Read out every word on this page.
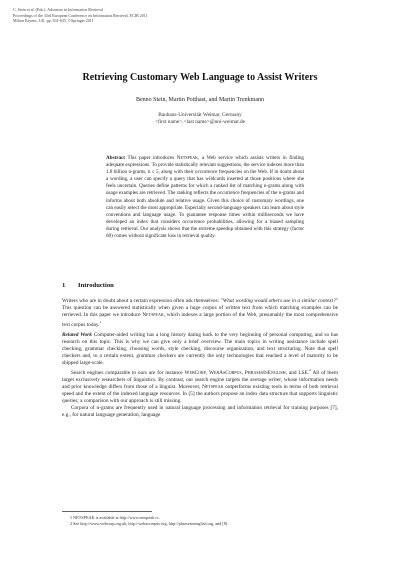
C. Stein et al. (Eds.): Advances in Information Retrieval
Proceedings of the 33rd European Conference on Information Retrieval, ECIR 2011
Milton Keynes, UK, pp. 631-635, ©Springer 2011
Retrieving Customary Web Language to Assist Writers
Benno Stein, Martin Potthast, and Martin Trenkmann
Bauhaus-Universität Weimar, Germany
<first name>.<last name>@uni-weimar.de
Abstract This paper introduces Netspeak, a Web service which assists writers in finding adequate expressions. To provide statistically relevant suggestions, the service indexes more than 1.8 billion n-grams, n ≤ 5, along with their occurrence frequencies on the Web. If in doubt about a wording, a user can specify a query that has wildcards inserted at those positions where she feels uncertain. Queries define patterns for which a ranked list of matching n-grams along with usage examples are retrieved. The ranking reflects the occurrence frequencies of the n-grams and informs about both absolute and relative usage. Given this choice of customary wordings, one can easily select the most appropriate. Especially second-language speakers can learn about style conventions and language usage. To guarantee response times within milliseconds we have developed an index that considers occurrence probabilities, allowing for a biased sampling during retrieval. Our analysis shows that the extreme speedup obtained with this strategy (factor 68) comes without significant loss in retrieval quality.
1 Introduction

Writers who are in doubt about a certain expression often ask themselves: "What wording would others use in a similar context?" This question can be answered statistically when given a huge corpus of written text from which matching examples can be retrieved. In this paper we introduce Netspeak, which indexes a large portion of the Web, presumably the most comprehensive text corpus today.$^1$

Related Work Computer-aided writing has a long history dating back to the very beginning of personal computing, and so has research on this topic. This is why we can give only a brief overview. The main topics in writing assistance include spell checking, grammar checking, choosing words, style checking, discourse organization, and text structuring. Note that spell checkers and, to a certain extent, grammar checkers are currently the only technologies that reached a level of maturity to be shipped large-scale.

Search engines comparable to ours are for instance WebCorp, WebAsCorpus, PhrasesInEnglish, and LSE.$^2$ All of them target exclusively researchers of linguistics. By contrast, our search engine targets the average writer, whose information needs and prior knowledge differs from those of a linguist. Moreover, Netspeak outperforms existing tools in terms of both retrieval speed and the extent of the indexed language resources. In [5] the authors propose an index data structure that supports linguistic queries; a comparison with our approach is still missing.

Corpora of n-grams are frequently used in natural language processing and information retrieval for training purposes [7], e.g., for natural language generation, language

1 NETSPEAK is available at http://www.netspeak.cc.
2 See http://www.webcorp.org.uk, http://webascorpus.org, http://phrasesinenglish.org, and [8].
